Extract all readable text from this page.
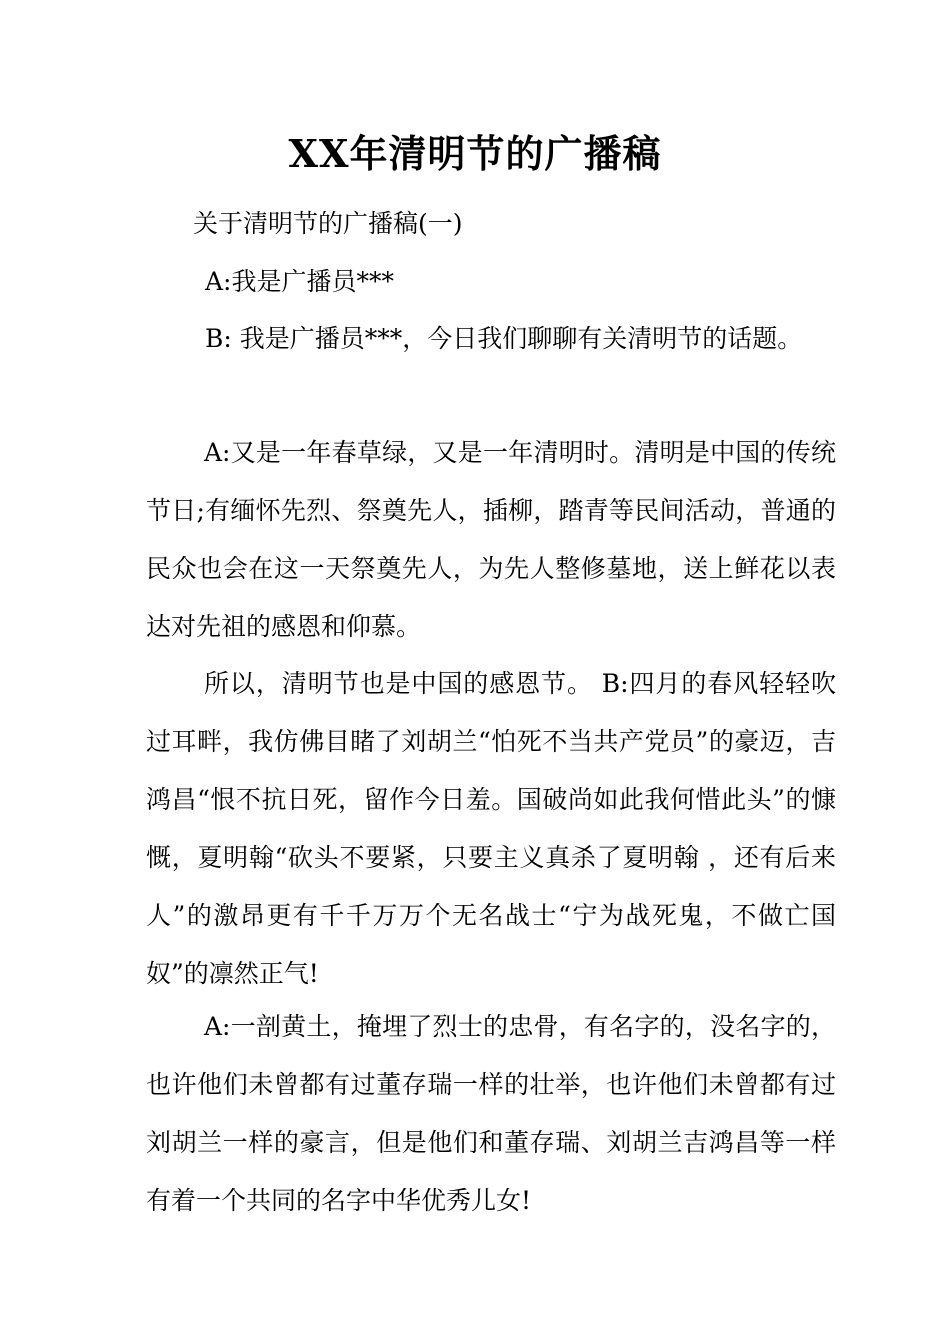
XX年清明节的广播稿
关于清明节的广播稿(一)
A:我是广播员***
B: 我是广播员***，今日我们聊聊有关清明节的话题。
A:又是一年春草绿，又是一年清明时。清明是中国的传统节日;有缅怀先烈、祭奠先人，插柳，踏青等民间活动，普通的民众也会在这一天祭奠先人，为先人整修墓地，送上鲜花以表达对先祖的感恩和仰慕。
所以，清明节也是中国的感恩节。 B:四月的春风轻轻吹过耳畔，我仿佛目睹了刘胡兰“怕死不当共产党员”的豪迈，吉鸿昌“恨不抗日死，留作今日羞。国破尚如此我何惜此头”的慷慨，夏明翰“砍头不要紧，只要主义真杀了夏明翰 ，还有后来人”的激昂更有千千万万个无名战士“宁为战死鬼，不做亡国奴”的凛然正气!
A:一剖黄土，掩埋了烈士的忠骨，有名字的，没名字的，也许他们未曾都有过董存瑞一样的壮举，也许他们未曾都有过刘胡兰一样的豪言，但是他们和董存瑞、刘胡兰吉鸿昌等一样有着一个共同的名字中华优秀儿女!
